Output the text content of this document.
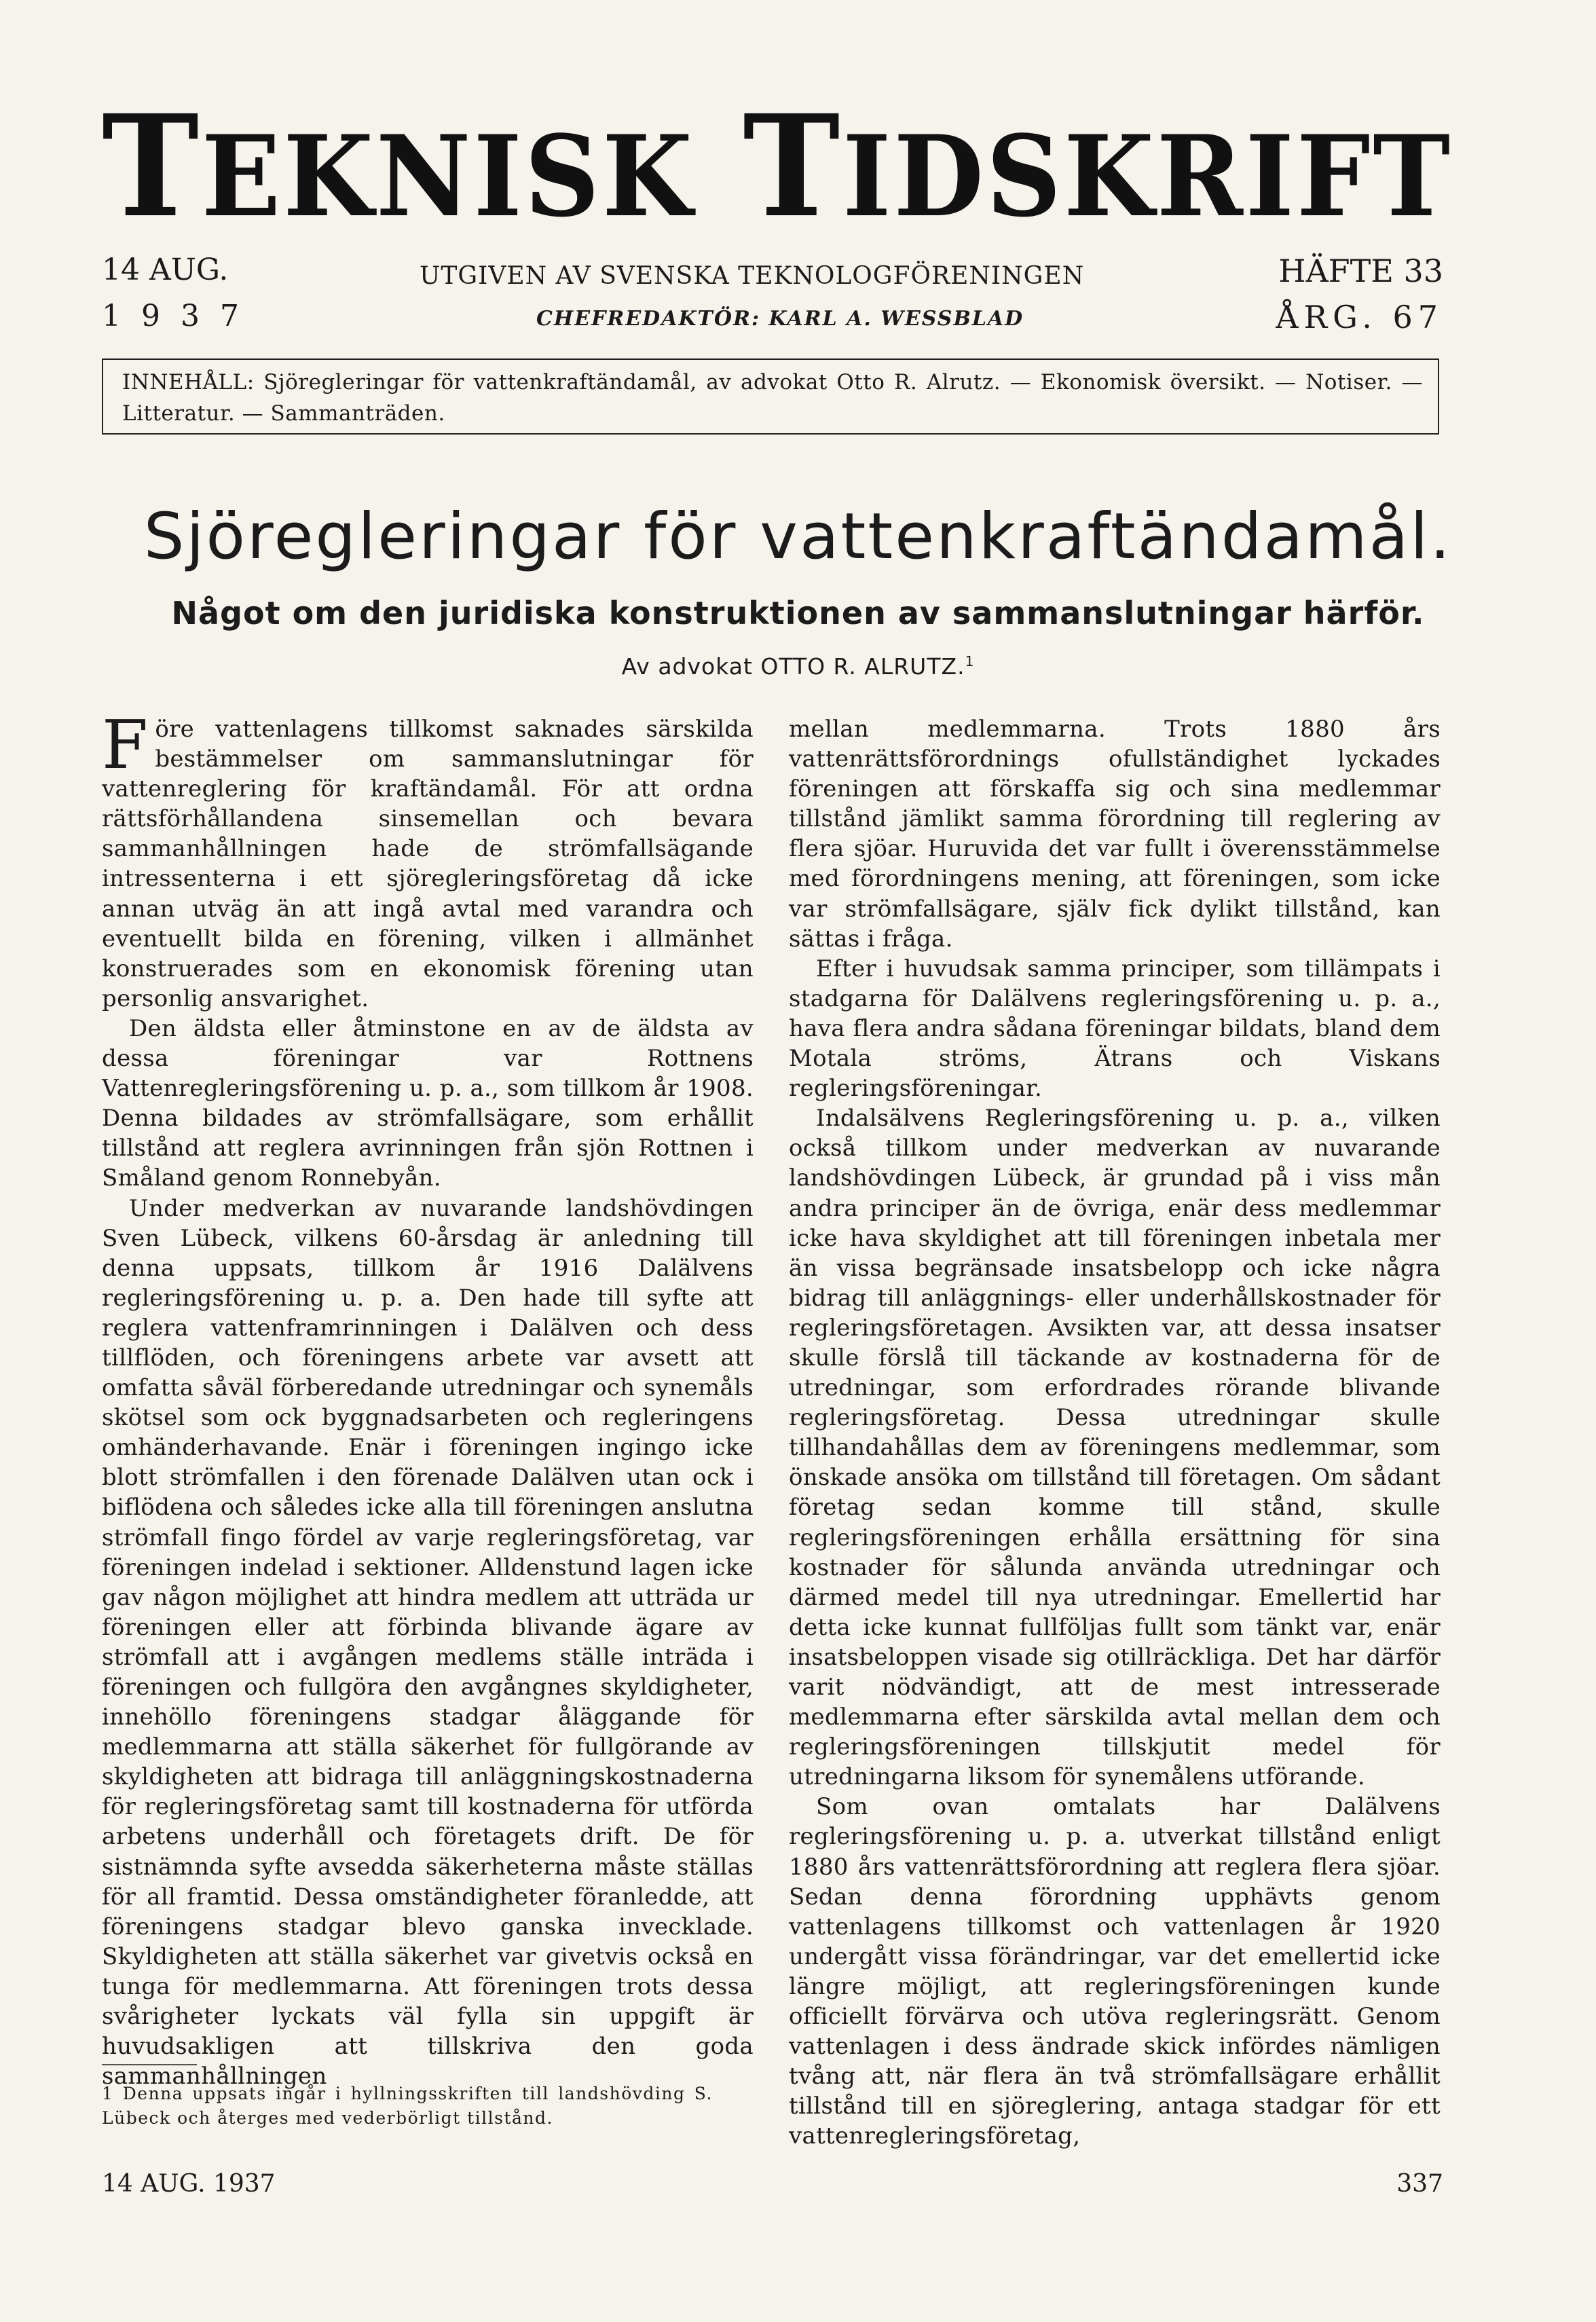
TEKNISK TIDSKRIFT
14 AUG.
1937
UTGIVEN AV SVENSKA TEKNOLOGFÖRENINGEN
CHEFREDAKTÖR: KARL A. WESSBLAD
HÄFTE 33
ÅRG. 67
INNEHÅLL: Sjöregleringar för vattenkraftändamål, av advokat Otto R. Alrutz. — Ekonomisk översikt. — Notiser. — Litteratur. — Sammanträden.
Sjöregleringar för vattenkraftändamål.
Något om den juridiska konstruktionen av sammanslutningar härför.
Av advokat OTTO R. ALRUTZ.$^1$

Före vattenlagens tillkomst saknades särskilda bestämmelser om sammanslutningar för vattenreglering för kraftändamål. För att ordna rättsförhållandena sinsemellan och bevara sammanhållningen hade de strömfallsägande intressenterna i ett sjöregleringsföretag då icke annan utväg än att ingå avtal med varandra och eventuellt bilda en förening, vilken i allmänhet konstruerades som en ekonomisk förening utan personlig ansvarighet.

Den äldsta eller åtminstone en av de äldsta av dessa föreningar var Rottnens Vattenregleringsförening u. p. a., som tillkom år 1908. Denna bildades av strömfallsägare, som erhållit tillstånd att reglera avrinningen från sjön Rottnen i Småland genom Ronnebyån.

Under medverkan av nuvarande landshövdingen Sven Lübeck, vilkens 60-årsdag är anledning till denna uppsats, tillkom år 1916 Dalälvens regleringsförening u. p. a. Den hade till syfte att reglera vattenframrinningen i Dalälven och dess tillflöden, och föreningens arbete var avsett att omfatta såväl förberedande utredningar och synemåls skötsel som ock byggnadsarbeten och regleringens omhänderhavande. Enär i föreningen ingingo icke blott strömfallen i den förenade Dalälven utan ock i biflödena och således icke alla till föreningen anslutna strömfall fingo fördel av varje regleringsföretag, var föreningen indelad i sektioner. Alldenstund lagen icke gav någon möjlighet att hindra medlem att utträda ur föreningen eller att förbinda blivande ägare av strömfall att i avgången medlems ställe inträda i föreningen och fullgöra den avgångnes skyldigheter, innehöllo föreningens stadgar åläggande för medlemmarna att ställa säkerhet för fullgörande av skyldigheten att bidraga till anläggningskostnaderna för regleringsföretag samt till kostnaderna för utförda arbetens underhåll och företagets drift. De för sistnämnda syfte avsedda säkerheterna måste ställas för all framtid. Dessa omständigheter föranledde, att föreningens stadgar blevo ganska invecklade. Skyldigheten att ställa säkerhet var givetvis också en tunga för medlemmarna. Att föreningen trots dessa svårigheter lyckats väl fylla sin uppgift är huvudsakligen att tillskriva den goda sammanhållningen

mellan medlemmarna. Trots 1880 års vattenrättsförordnings ofullständighet lyckades föreningen att förskaffa sig och sina medlemmar tillstånd jämlikt samma förordning till reglering av flera sjöar. Huruvida det var fullt i överensstämmelse med förordningens mening, att föreningen, som icke var strömfallsägare, själv fick dylikt tillstånd, kan sättas i fråga.

Efter i huvudsak samma principer, som tillämpats i stadgarna för Dalälvens regleringsförening u. p. a., hava flera andra sådana föreningar bildats, bland dem Motala ströms, Ätrans och Viskans regleringsföreningar.

Indalsälvens Regleringsförening u. p. a., vilken också tillkom under medverkan av nuvarande landshövdingen Lübeck, är grundad på i viss mån andra principer än de övriga, enär dess medlemmar icke hava skyldighet att till föreningen inbetala mer än vissa begränsade insatsbelopp och icke några bidrag till anläggnings- eller underhållskostnader för regleringsföretagen. Avsikten var, att dessa insatser skulle förslå till täckande av kostnaderna för de utredningar, som erfordrades rörande blivande regleringsföretag. Dessa utredningar skulle tillhandahållas dem av föreningens medlemmar, som önskade ansöka om tillstånd till företagen. Om sådant företag sedan komme till stånd, skulle regleringsföreningen erhålla ersättning för sina kostnader för sålunda använda utredningar och därmed medel till nya utredningar. Emellertid har detta icke kunnat fullföljas fullt som tänkt var, enär insatsbeloppen visade sig otillräckliga. Det har därför varit nödvändigt, att de mest intresserade medlemmarna efter särskilda avtal mellan dem och regleringsföreningen tillskjutit medel för utredningarna liksom för synemålens utförande.

Som ovan omtalats har Dalälvens regleringsförening u. p. a. utverkat tillstånd enligt 1880 års vattenrättsförordning att reglera flera sjöar. Sedan denna förordning upphävts genom vattenlagens tillkomst och vattenlagen år 1920 undergått vissa förändringar, var det emellertid icke längre möjligt, att regleringsföreningen kunde officiellt förvärva och utöva regleringsrätt. Genom vattenlagen i dess ändrade skick infördes nämligen tvång att, när flera än två strömfallsägare erhållit tillstånd till en sjöreglering, antaga stadgar för ett vattenregleringsföretag,

1 Denna uppsats ingår i hyllningsskriften till landshövding S. Lübeck och återges med vederbörligt tillstånd.
14 AUG. 1937	337
